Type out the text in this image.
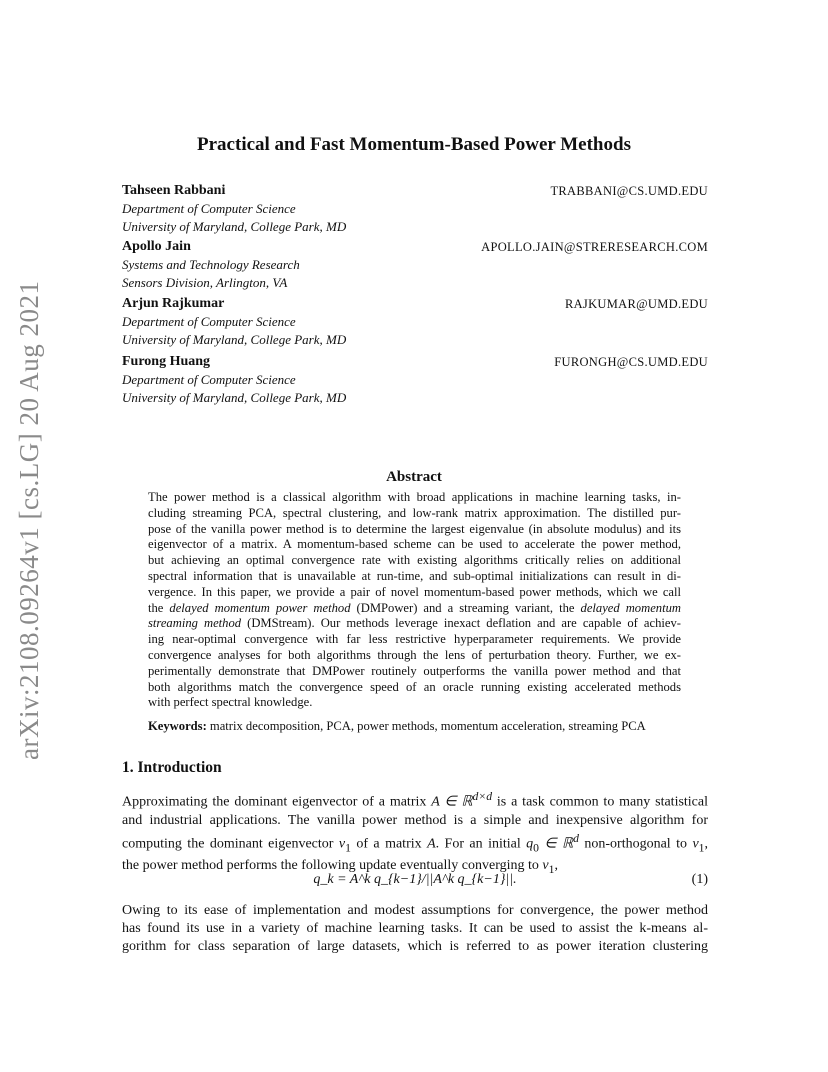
arXiv:2108.09264v1 [cs.LG] 20 Aug 2021
Practical and Fast Momentum-Based Power Methods
Tahseen Rabbani	TRABBANI@CS.UMD.EDU
Department of Computer Science
University of Maryland, College Park, MD
Apollo Jain	APOLLO.JAIN@STRERESEARCH.COM
Systems and Technology Research
Sensors Division, Arlington, VA
Arjun Rajkumar	RAJKUMAR@UMD.EDU
Department of Computer Science
University of Maryland, College Park, MD
Furong Huang	FURONGH@CS.UMD.EDU
Department of Computer Science
University of Maryland, College Park, MD
Abstract
The power method is a classical algorithm with broad applications in machine learning tasks, in-
cluding streaming PCA, spectral clustering, and low-rank matrix approximation. The distilled pur-
pose of the vanilla power method is to determine the largest eigenvalue (in absolute modulus) and its
eigenvector of a matrix. A momentum-based scheme can be used to accelerate the power method,
but achieving an optimal convergence rate with existing algorithms critically relies on additional
spectral information that is unavailable at run-time, and sub-optimal initializations can result in di-
vergence. In this paper, we provide a pair of novel momentum-based power methods, which we call
the delayed momentum power method (DMPower) and a streaming variant, the delayed momentum
streaming method (DMStream). Our methods leverage inexact deflation and are capable of achiev-
ing near-optimal convergence with far less restrictive hyperparameter requirements. We provide
convergence analyses for both algorithms through the lens of perturbation theory. Further, we ex-
perimentally demonstrate that DMPower routinely outperforms the vanilla power method and that
both algorithms match the convergence speed of an oracle running existing accelerated methods
with perfect spectral knowledge.
Keywords: matrix decomposition, PCA, power methods, momentum acceleration, streaming PCA
1. Introduction
Approximating the dominant eigenvector of a matrix A ∈ ℝ$^{d\times d}$ is a task common to many statistical
and industrial applications. The vanilla power method is a simple and inexpensive algorithm for
computing the dominant eigenvector $v_1$ of a matrix A. For an initial $q_0$ ∈ ℝ$^d$ non-orthogonal to $v_1$,
the power method performs the following update eventually converging to $v_1$,
q_k = A^k q_{k−1}/||A^k q_{k−1}||.	(1)
Owing to its ease of implementation and modest assumptions for convergence, the power method
has found its use in a variety of machine learning tasks. It can be used to assist the k-means al-
gorithm for class separation of large datasets, which is referred to as power iteration clustering
